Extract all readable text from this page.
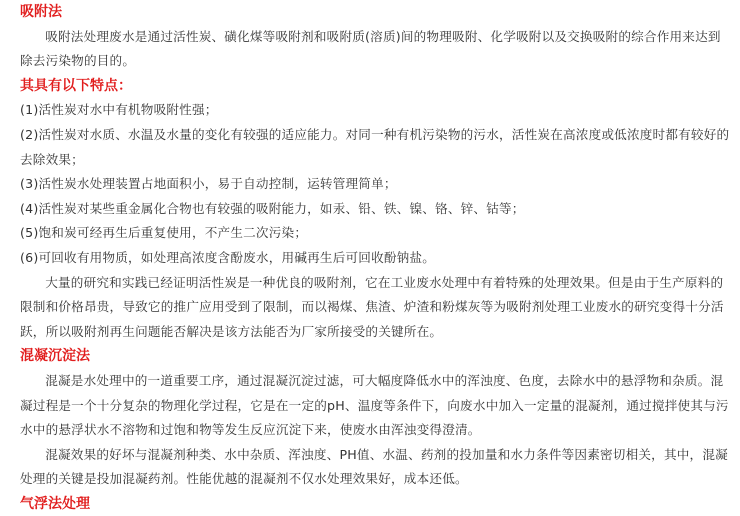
吸附法

吸附法处理废水是通过活性炭、磺化煤等吸附剂和吸附质(溶质)间的物理吸附、化学吸附以及交换吸附的综合作用来达到除去污染物的目的。

其具有以下特点：

(1)活性炭对水中有机物吸附性强；

(2)活性炭对水质、水温及水量的变化有较强的适应能力。对同一种有机污染物的污水，活性炭在高浓度或低浓度时都有较好的去除效果；

(3)活性炭水处理装置占地面积小，易于自动控制，运转管理简单；

(4)活性炭对某些重金属化合物也有较强的吸附能力，如汞、铅、铁、镍、铬、锌、钴等；

(5)饱和炭可经再生后重复使用，不产生二次污染；

(6)可回收有用物质，如处理高浓度含酚废水，用碱再生后可回收酚钠盐。

大量的研究和实践已经证明活性炭是一种优良的吸附剂，它在工业废水处理中有着特殊的处理效果。但是由于生产原料的限制和价格昂贵，导致它的推广应用受到了限制，而以褐煤、焦渣、炉渣和粉煤灰等为吸附剂处理工业废水的研究变得十分活跃，所以吸附剂再生问题能否解决是该方法能否为厂家所接受的关键所在。

混凝沉淀法

混凝是水处理中的一道重要工序，通过混凝沉淀过滤，可大幅度降低水中的浑浊度、色度，去除水中的悬浮物和杂质。混凝过程是一个十分复杂的物理化学过程，它是在一定的pH、温度等条件下，向废水中加入一定量的混凝剂，通过搅拌使其与污水中的悬浮状水不溶物和过饱和物等发生反应沉淀下来，使废水由浑浊变得澄清。

混凝效果的好坏与混凝剂种类、水中杂质、浑浊度、PH值、水温、药剂的投加量和水力条件等因素密切相关，其中，混凝处理的关键是投加混凝药剂。性能优越的混凝剂不仅水处理效果好，成本还低。

气浮法处理
